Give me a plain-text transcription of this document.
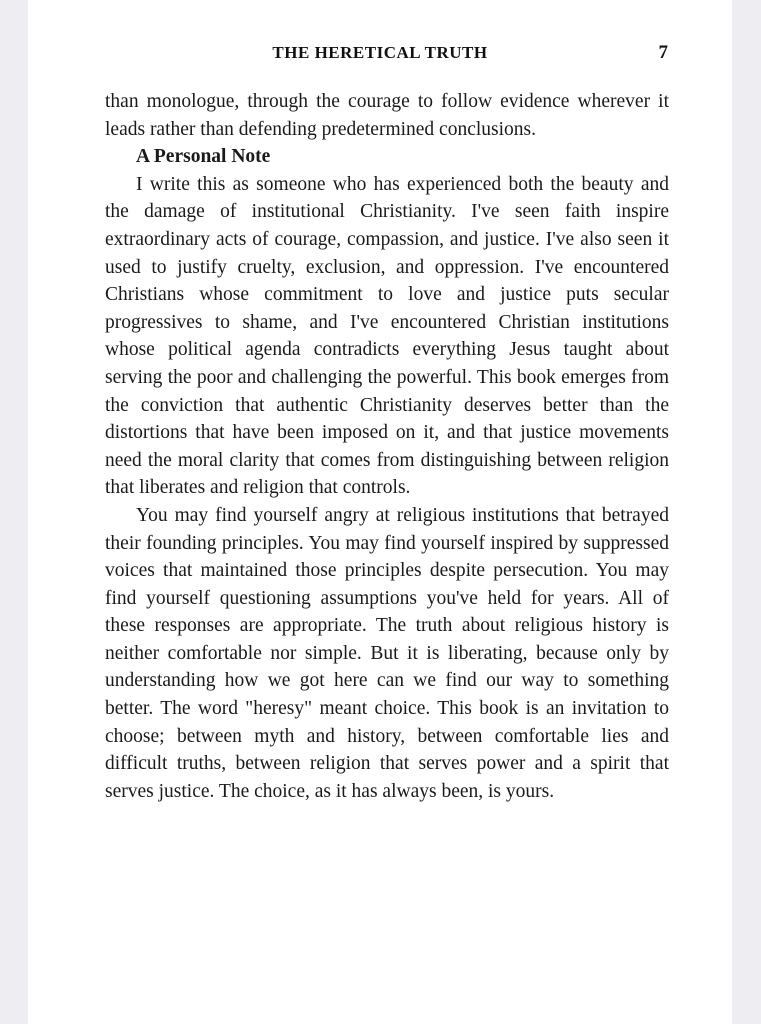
THE HERETICAL TRUTH	7

than monologue, through the courage to follow evidence wherever it leads rather than defending predetermined conclusions.

A Personal Note

I write this as someone who has experienced both the beauty and the damage of institutional Christianity. I've seen faith inspire extraordinary acts of courage, compassion, and justice. I've also seen it used to justify cruelty, exclusion, and oppression. I've encountered Christians whose commitment to love and justice puts secular progressives to shame, and I've encountered Christian institutions whose political agenda contradicts everything Jesus taught about serving the poor and challenging the powerful. This book emerges from the conviction that authentic Christianity deserves better than the distortions that have been imposed on it, and that justice movements need the moral clarity that comes from distinguishing between religion that liberates and religion that controls.

You may find yourself angry at religious institutions that betrayed their founding principles. You may find yourself inspired by suppressed voices that maintained those principles despite persecution. You may find yourself questioning assumptions you've held for years. All of these responses are appropriate. The truth about religious history is neither comfortable nor simple. But it is liberating, because only by understanding how we got here can we find our way to something better. The word "heresy" meant choice. This book is an invitation to choose; between myth and history, between comfortable lies and difficult truths, between religion that serves power and a spirit that serves justice. The choice, as it has always been, is yours.
